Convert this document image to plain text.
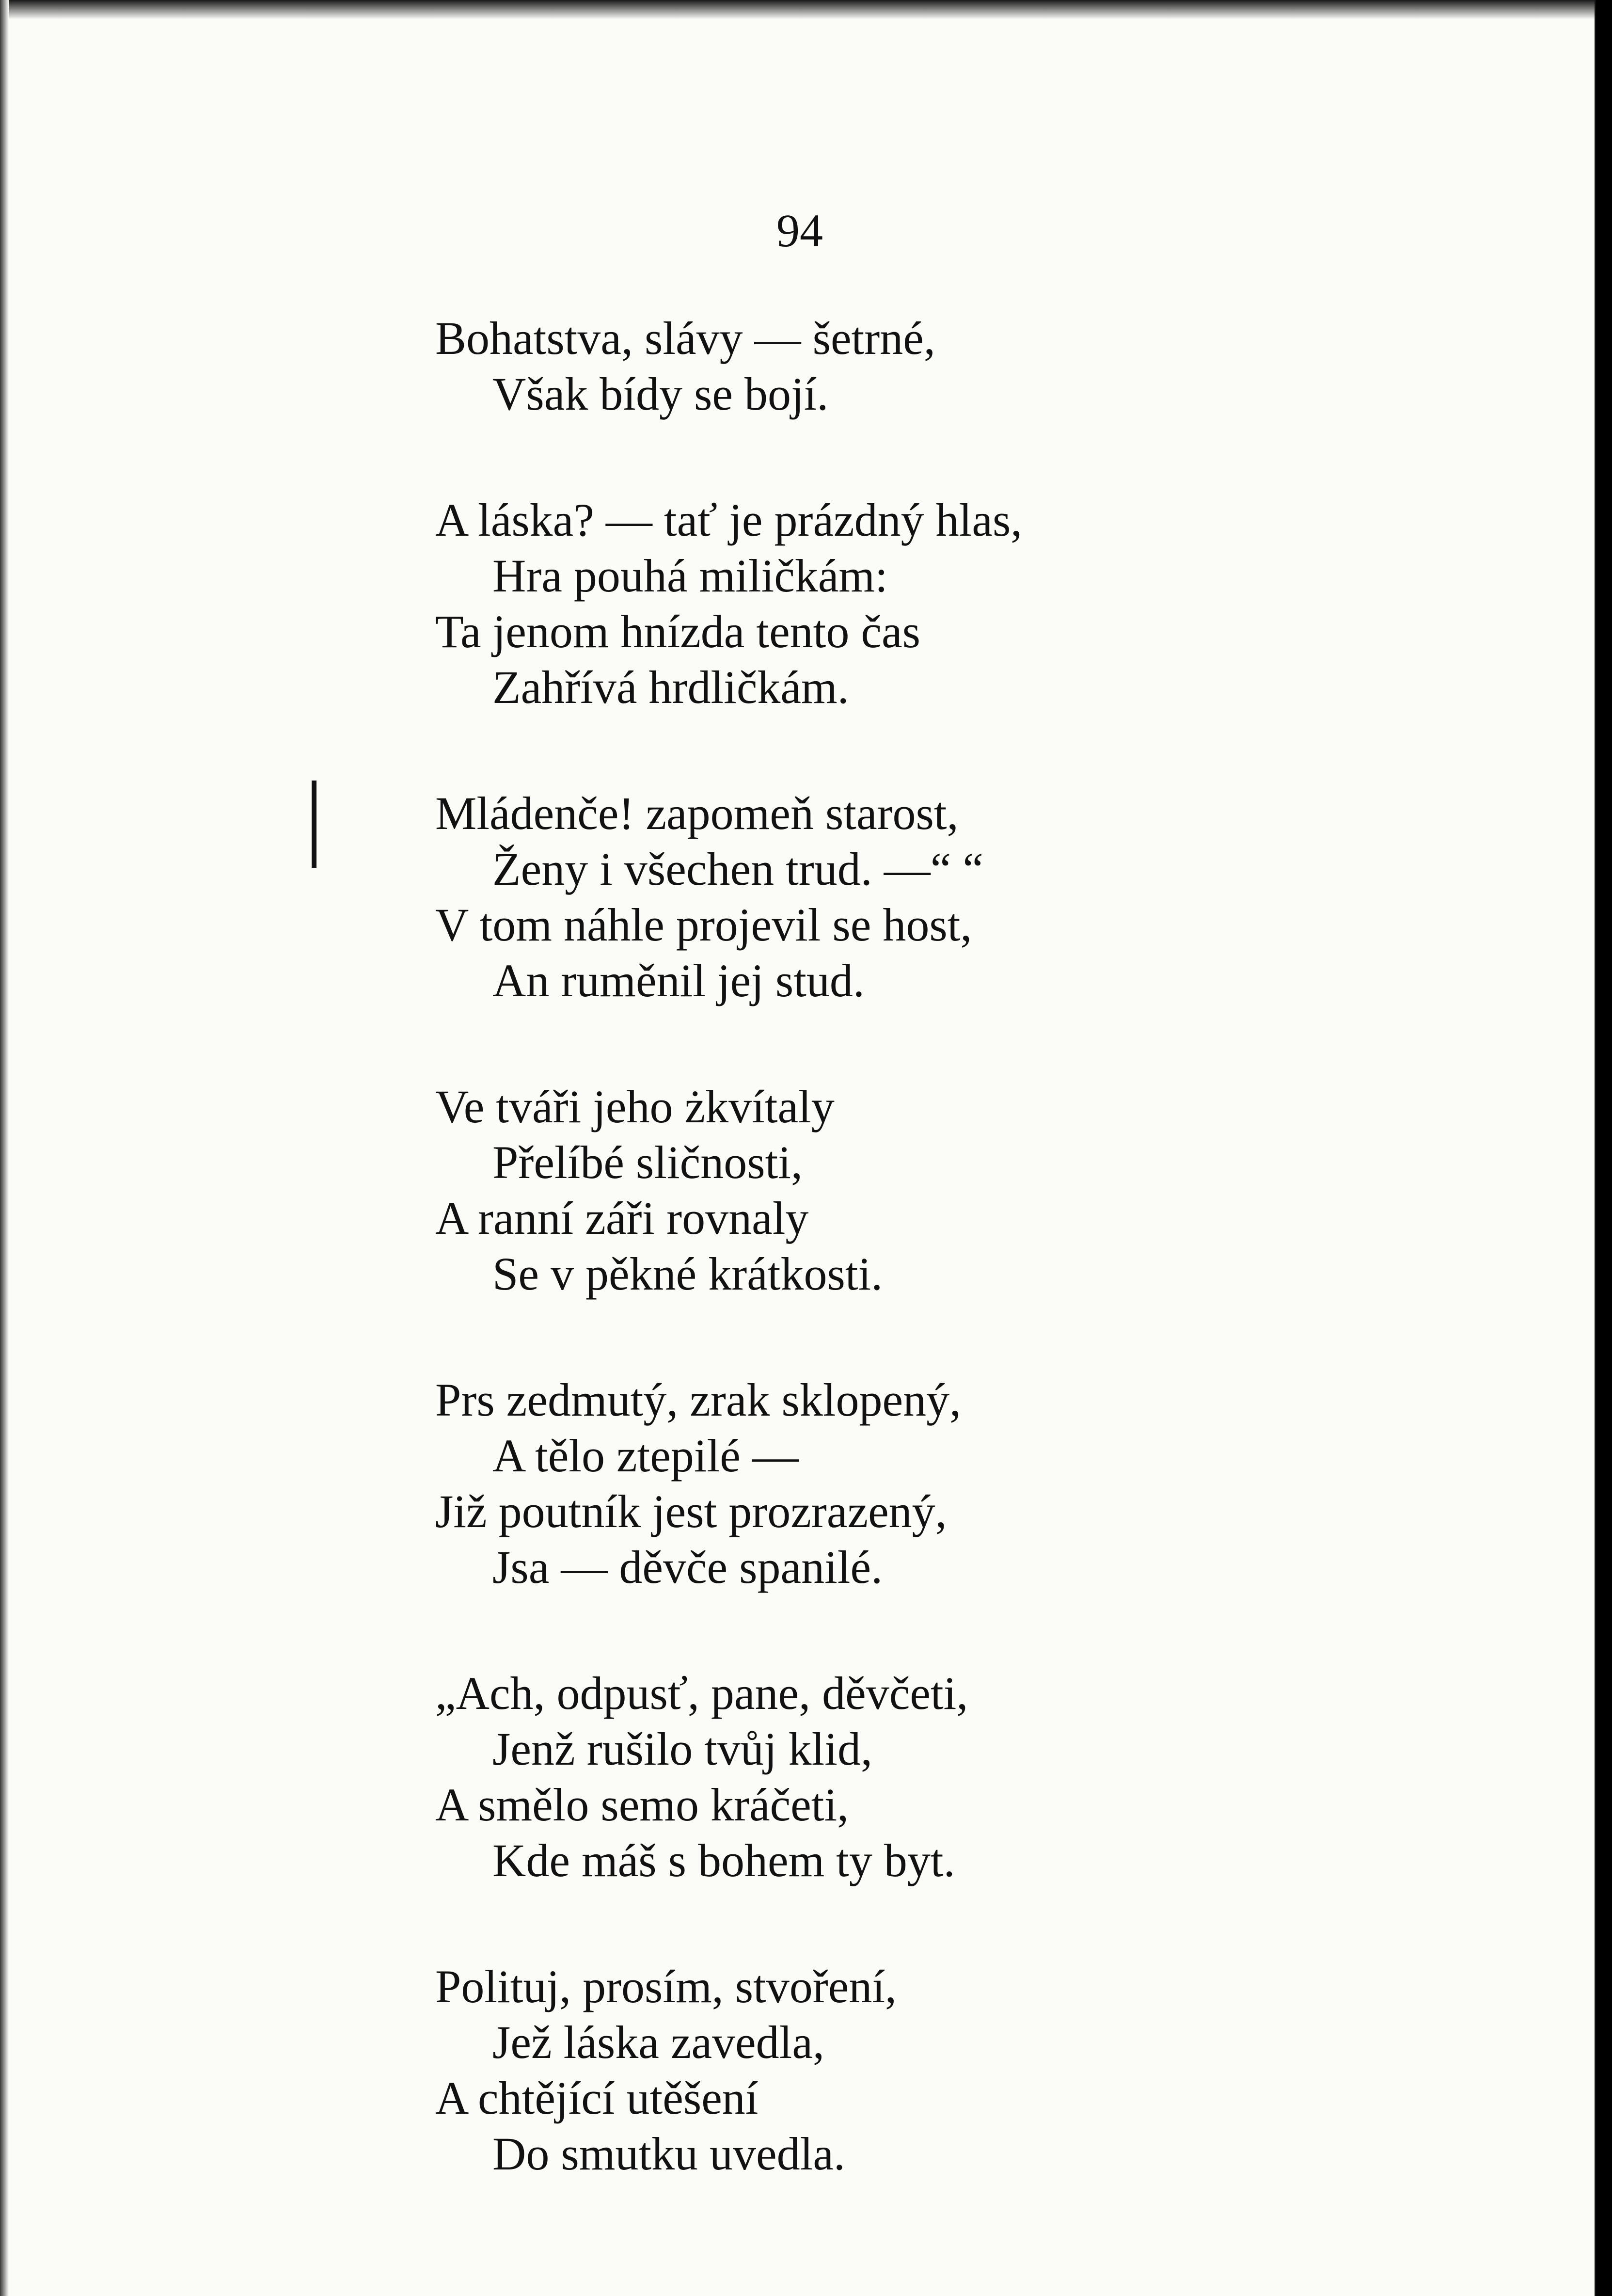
94
Bohatstva, slávy — šetrné,
Však bídy se bojí.
A láska? — tať je prázdný hlas,
Hra pouhá miličkám:
Ta jenom hnízda tento čas
Zahřívá hrdličkám.
Mládenče! zapomeň starost,
Ženy i všechen trud. —“ “
V tom náhle projevil se host,
An ruměnil jej stud.
Ve tváři jeho żkvítaly
Přelíbé sličnosti,
A ranní záři rovnaly
Se v pěkné krátkosti.
Prs zedmutý, zrak sklopený,
A tělo ztepilé —
Již poutník jest prozrazený,
Jsa — děvče spanilé.
„Ach, odpusť, pane, děvčeti,
Jenž rušilo tvůj klid,
A smělo semo kráčeti,
Kde máš s bohem ty byt.
Polituj, prosím, stvoření,
Jež láska zavedla,
A chtějící utěšení
Do smutku uvedla.
